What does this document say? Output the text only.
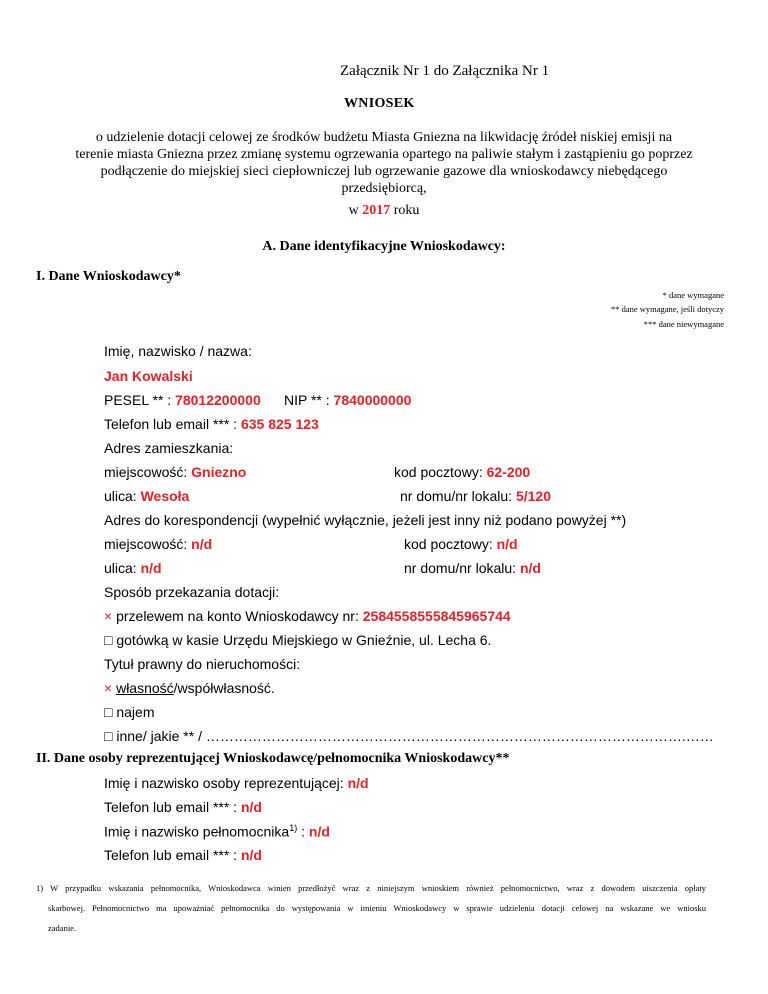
Załącznik Nr 1 do Załącznika Nr 1
WNIOSEK
o udzielenie dotacji celowej ze środków budżetu Miasta Gniezna na likwidację źródeł niskiej emisji na
terenie miasta Gniezna przez zmianę systemu ogrzewania opartego na paliwie stałym i zastąpieniu go poprzez
podłączenie do miejskiej sieci ciepłowniczej lub ogrzewanie gazowe dla wnioskodawcy niebędącego
przedsiębiorcą,
w 2017 roku
A. Dane identyfikacyjne Wnioskodawcy:
I. Dane Wnioskodawcy*
* dane wymagane
** dane wymagane, jeśli dotyczy
*** dane niewymagane
Imię, nazwisko / nazwa:
Jan Kowalski
PESEL ** : 78012200000 NIP ** : 7840000000
Telefon lub email *** : 635 825 123
Adres zamieszkania:
miejscowość: Gniezno	kod pocztowy: 62-200
ulica: Wesoła	nr domu/nr lokalu: 5/120
Adres do korespondencji (wypełnić wyłącznie, jeżeli jest inny niż podano powyżej **)
miejscowość: n/d	kod pocztowy: n/d
ulica: n/d	nr domu/nr lokalu: n/d
Sposób przekazania dotacji:
× przelewem na konto Wnioskodawcy nr: 2584558555845965744
□ gotówką w kasie Urzędu Miejskiego w Gnieźnie, ul. Lecha 6.
Tytuł prawny do nieruchomości:
× własność/współwłasność.
□ najem
□ inne/ jakie ** / ………………………………………………………………………………………….……
II. Dane osoby reprezentującej Wnioskodawcę/pełnomocnika Wnioskodawcy**
Imię i nazwisko osoby reprezentującej: n/d
Telefon lub email *** : n/d
Imię i nazwisko pełnomocnika$^{1)}$ : n/d
Telefon lub email *** : n/d
1) W przypadku wskazania pełnomocnika, Wnioskodawca winien przedłożyć wraz z niniejszym wnioskiem również pełnomocnictwo, wraz z dowodem uiszczenia opłaty
skarbowej. Pełnomocnictwo ma upoważniać pełnomocnika do występowania w imieniu Wnioskodawcy w sprawie udzielenia dotacji celowej na wskazane we wniosku
zadanie.
